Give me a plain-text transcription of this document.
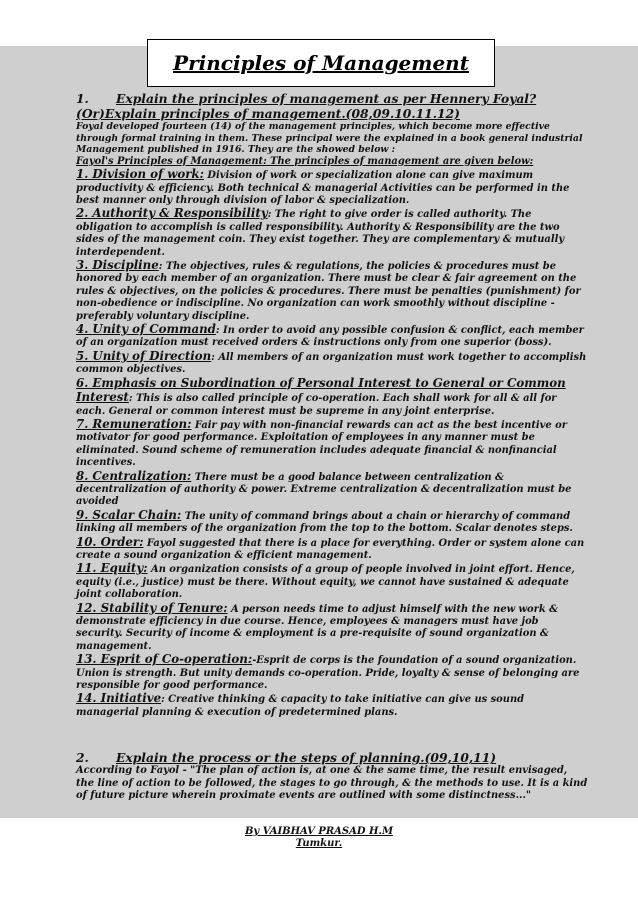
Principles of Management

1. Explain the principles of management as per Hennery Foyal?

(Or)Explain principles of management.(08,09.10.11.12)

Foyal developed fourteen (14) of the management principles, which become more effective through formal training in them. These principal were the explained in a book general industrial Management published in 1916. They are the showed below :

Fayol's Principles of Management: The principles of management are given below:

1. Division of work: Division of work or specialization alone can give maximum productivity & efficiency. Both technical & managerial Activities can be performed in the best manner only through division of labor & specialization.

2. Authority & Responsibility: The right to give order is called authority. The obligation to accomplish is called responsibility. Authority & Responsibility are the two sides of the management coin. They exist together. They are complementary & mutually interdependent.

3. Discipline: The objectives, rules & regulations, the policies & procedures must be honored by each member of an organization. There must be clear & fair agreement on the rules & objectives, on the policies & procedures. There must be penalties (punishment) for non-obedience or indiscipline. No organization can work smoothly without discipline - preferably voluntary discipline.

4. Unity of Command: In order to avoid any possible confusion & conflict, each member of an organization must received orders & instructions only from one superior (boss).

5. Unity of Direction: All members of an organization must work together to accomplish common objectives.

6. Emphasis on Subordination of Personal Interest to General or Common Interest: This is also called principle of co-operation. Each shall work for all & all for each. General or common interest must be supreme in any joint enterprise.

7. Remuneration: Fair pay with non-financial rewards can act as the best incentive or motivator for good performance. Exploitation of employees in any manner must be eliminated. Sound scheme of remuneration includes adequate financial & nonfinancial incentives.

8. Centralization: There must be a good balance between centralization & decentralization of authority & power. Extreme centralization & decentralization must be avoided

9. Scalar Chain: The unity of command brings about a chain or hierarchy of command linking all members of the organization from the top to the bottom. Scalar denotes steps.

10. Order: Fayol suggested that there is a place for everything. Order or system alone can create a sound organization & efficient management.

11. Equity: An organization consists of a group of people involved in joint effort. Hence, equity (i.e., justice) must be there. Without equity, we cannot have sustained & adequate joint collaboration.

12. Stability of Tenure: A person needs time to adjust himself with the new work & demonstrate efficiency in due course. Hence, employees & managers must have job security. Security of income & employment is a pre-requisite of sound organization & management.

13. Esprit of Co-operation:-Esprit de corps is the foundation of a sound organization. Union is strength. But unity demands co-operation. Pride, loyalty & sense of belonging are responsible for good performance.

14. Initiative: Creative thinking & capacity to take initiative can give us sound managerial planning & execution of predetermined plans.

2. Explain the process or the steps of planning.(09,10,11)

According to Fayol - "The plan of action is, at one & the same time, the result envisaged, the line of action to be followed, the stages to go through, & the methods to use. It is a kind of future picture wherein proximate events are outlined with some distinctness..."

By VAIBHAV PRASAD H.M
Tumkur.
